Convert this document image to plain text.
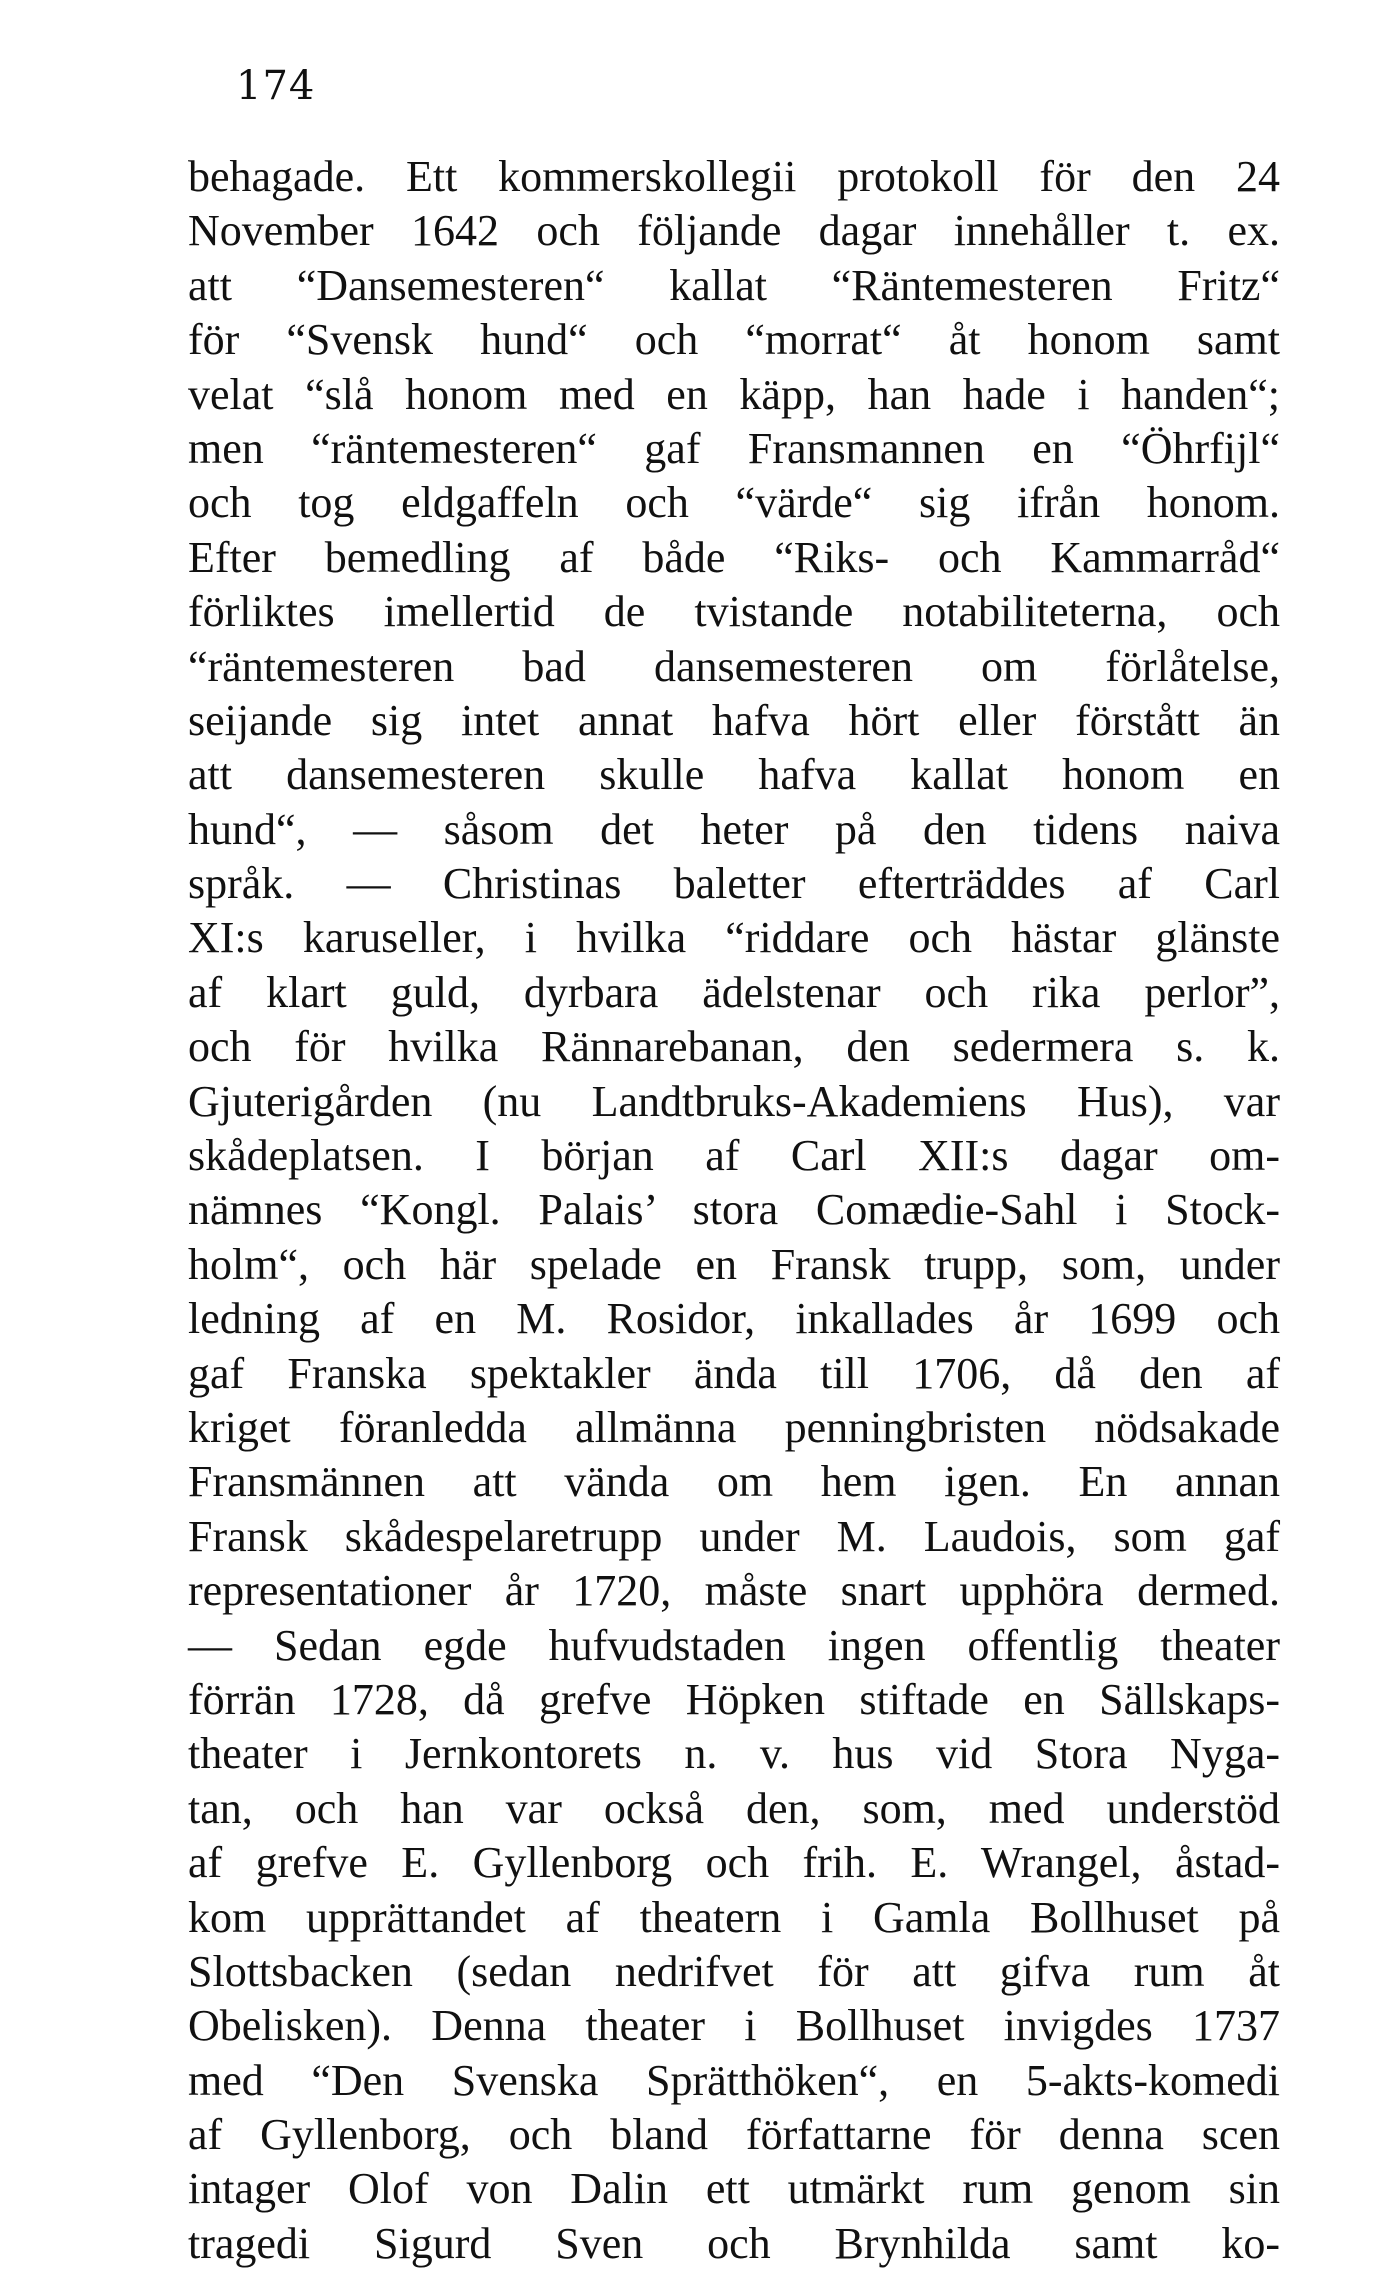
174
behagade. Ett kommerskollegii protokoll för den 24
November 1642 och följande dagar innehåller t. ex.
att “Dansemesteren“ kallat “Räntemesteren Fritz“
för “Svensk hund“ och “morrat“ åt honom samt
velat “slå honom med en käpp, han hade i handen“;
men “räntemesteren“ gaf Fransmannen en “Öhrfijl“
och tog eldgaffeln och “värde“ sig ifrån honom.
Efter bemedling af både “Riks- och Kammarråd“
förliktes imellertid de tvistande notabiliteterna, och
“räntemesteren bad dansemesteren om förlåtelse,
seijande sig intet annat hafva hört eller förstått än
att dansemesteren skulle hafva kallat honom en
hund“, — såsom det heter på den tidens naiva
språk. — Christinas baletter efterträddes af Carl
XI:s karuseller, i hvilka “riddare och hästar glänste
af klart guld, dyrbara ädelstenar och rika perlor”,
och för hvilka Rännarebanan, den sedermera s. k.
Gjuterigården (nu Landtbruks-Akademiens Hus), var
skådeplatsen. I början af Carl XII:s dagar om-
nämnes “Kongl. Palais’ stora Comædie-Sahl i Stock-
holm“, och här spelade en Fransk trupp, som, under
ledning af en M. Rosidor, inkallades år 1699 och
gaf Franska spektakler ända till 1706, då den af
kriget föranledda allmänna penningbristen nödsakade
Fransmännen att vända om hem igen. En annan
Fransk skådespelaretrupp under M. Laudois, som gaf
representationer år 1720, måste snart upphöra dermed.
— Sedan egde hufvudstaden ingen offentlig theater
förrän 1728, då grefve Höpken stiftade en Sällskaps-
theater i Jernkontorets n. v. hus vid Stora Nyga-
tan, och han var också den, som, med understöd
af grefve E. Gyllenborg och frih. E. Wrangel, åstad-
kom upprättandet af theatern i Gamla Bollhuset på
Slottsbacken (sedan nedrifvet för att gifva rum åt
Obelisken). Denna theater i Bollhuset invigdes 1737
med “Den Svenska Sprätthöken“, en 5-akts-komedi
af Gyllenborg, och bland författarne för denna scen
intager Olof von Dalin ett utmärkt rum genom sin
tragedi Sigurd Sven och Brynhilda samt ko-
